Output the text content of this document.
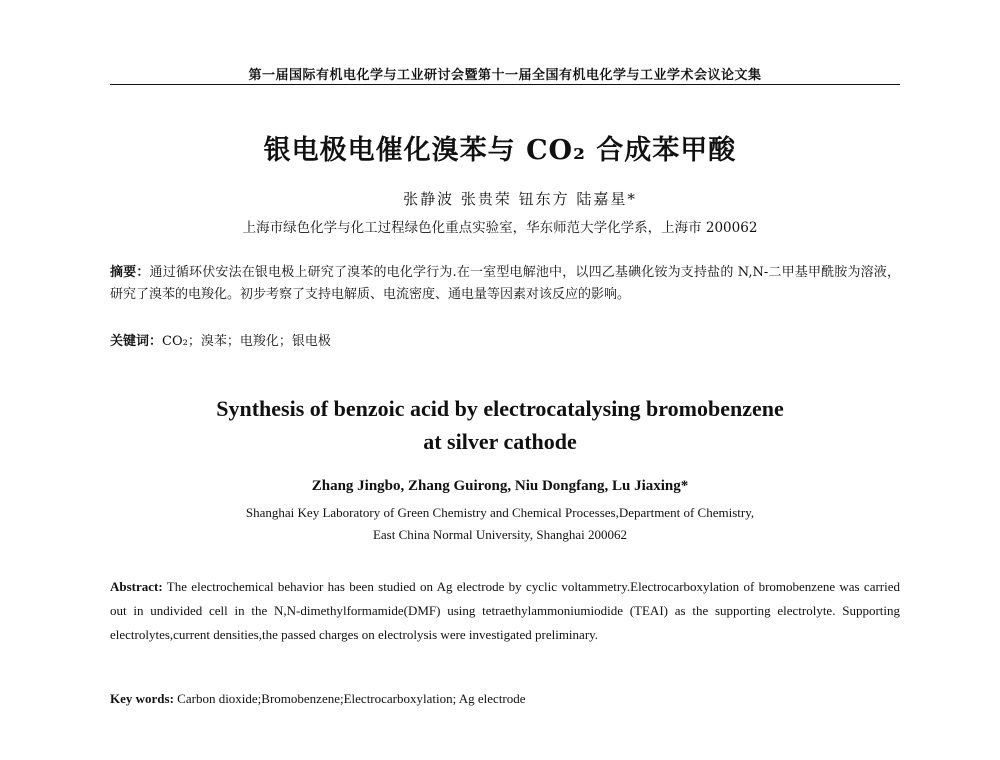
第一届国际有机电化学与工业研讨会暨第十一届全国有机电化学与工业学术会议论文集
银电极电催化溴苯与 CO₂ 合成苯甲酸
张静波 张贵荣 钮东方 陆嘉星*
上海市绿色化学与化工过程绿色化重点实验室，华东师范大学化学系，上海市 200062
摘要：通过循环伏安法在银电极上研究了溴苯的电化学行为.在一室型电解池中，以四乙基碘化铵为支持盐的 N,N-二甲基甲酰胺为溶液，研究了溴苯的电羧化。初步考察了支持电解质、电流密度、通电量等因素对该反应的影响。
关键词：CO₂；溴苯；电羧化；银电极
Synthesis of benzoic acid by electrocatalysing bromobenzene
at silver cathode
Zhang Jingbo, Zhang Guirong, Niu Dongfang, Lu Jiaxing*
Shanghai Key Laboratory of Green Chemistry and Chemical Processes,Department of Chemistry,
East China Normal University, Shanghai 200062
Abstract: The electrochemical behavior has been studied on Ag electrode by cyclic voltammetry.Electrocarboxylation of bromobenzene was carried out in undivided cell in the N,N-dimethylformamide(DMF) using tetraethylammoniumiodide (TEAI) as the supporting electrolyte. Supporting electrolytes,current densities,the passed charges on electrolysis were investigated preliminary.
Key words: Carbon dioxide;Bromobenzene;Electrocarboxylation; Ag electrode
